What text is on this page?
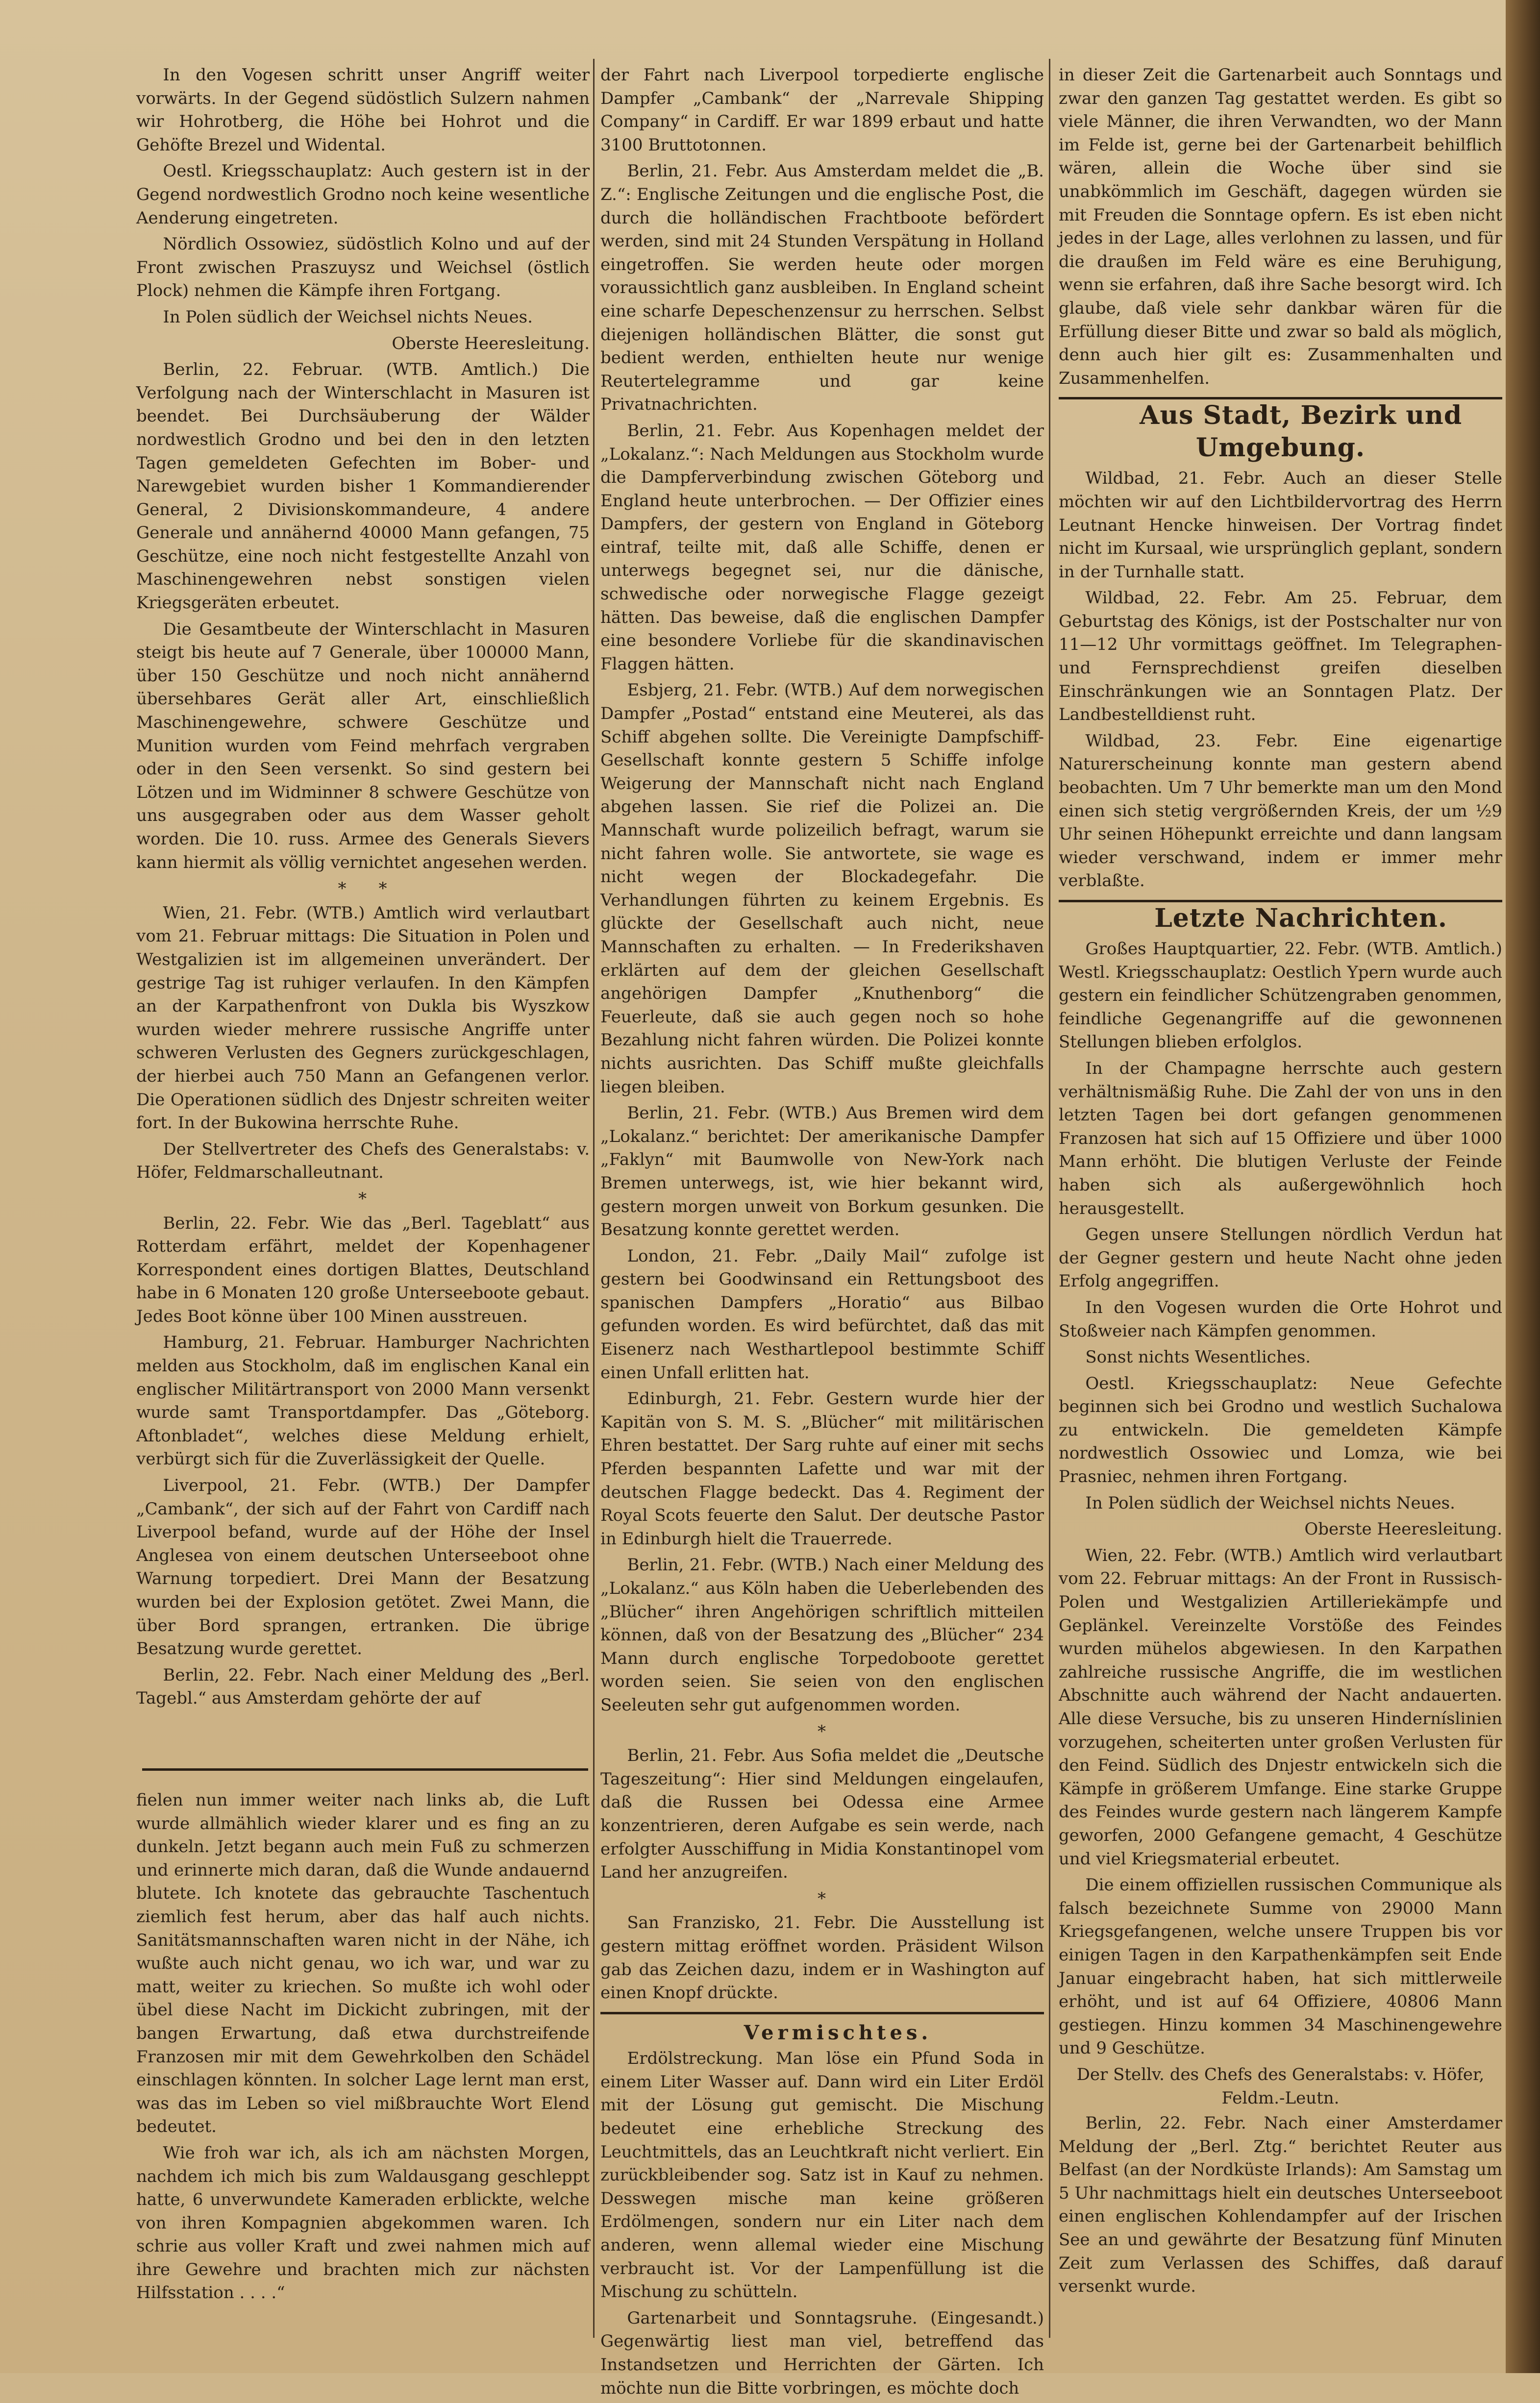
In den Vogesen schritt unser Angriff weiter vorwärts. In der Gegend südöstlich Sulzern nahmen wir Hohrotberg, die Höhe bei Hohrot und die Gehöfte Brezel und Widental.

Oestl. Kriegsschauplatz: Auch gestern ist in der Gegend nordwestlich Grodno noch keine wesentliche Aenderung eingetreten.

Nördlich Ossowiez, südöstlich Kolno und auf der Front zwischen Praszuysz und Weichsel (östlich Plock) nehmen die Kämpfe ihren Fortgang.

In Polen südlich der Weichsel nichts Neues.

Oberste Heeresleitung.

Berlin, 22. Februar. (WTB. Amtlich.) Die Verfolgung nach der Winterschlacht in Masuren ist beendet. Bei Durchsäuberung der Wälder nordwestlich Grodno und bei den in den letzten Tagen gemeldeten Gefechten im Bober- und Narewgebiet wurden bisher 1 Kommandierender General, 2 Divisionskommandeure, 4 andere Generale und annähernd 40000 Mann gefangen, 75 Geschütze, eine noch nicht festgestellte Anzahl von Maschinengewehren nebst sonstigen vielen Kriegsgeräten erbeutet.

Die Gesamtbeute der Winterschlacht in Masuren steigt bis heute auf 7 Generale, über 100000 Mann, über 150 Geschütze und noch nicht annähernd übersehbares Gerät aller Art, einschließlich Maschinengewehre, schwere Geschütze und Munition wurden vom Feind mehrfach vergraben oder in den Seen versenkt. So sind gestern bei Lötzen und im Widminner 8 schwere Geschütze von uns ausgegraben oder aus dem Wasser geholt worden. Die 10. russ. Armee des Generals Sievers kann hiermit als völlig vernichtet angesehen werden.

*     *

Wien, 21. Febr. (WTB.) Amtlich wird verlautbart vom 21. Februar mittags: Die Situation in Polen und Westgalizien ist im allgemeinen unverändert. Der gestrige Tag ist ruhiger verlaufen. In den Kämpfen an der Karpathenfront von Dukla bis Wyszkow wurden wieder mehrere russische Angriffe unter schweren Verlusten des Gegners zurückgeschlagen, der hierbei auch 750 Mann an Gefangenen verlor. Die Operationen südlich des Dnjestr schreiten weiter fort. In der Bukowina herrschte Ruhe.

Der Stellvertreter des Chefs des Generalstabs: v. Höfer, Feldmarschalleutnant.

*

Berlin, 22. Febr. Wie das „Berl. Tageblatt“ aus Rotterdam erfährt, meldet der Kopenhagener Korrespondent eines dortigen Blattes, Deutschland habe in 6 Monaten 120 große Unterseeboote gebaut. Jedes Boot könne über 100 Minen ausstreuen.

Hamburg, 21. Februar. Hamburger Nachrichten melden aus Stockholm, daß im englischen Kanal ein englischer Militärtransport von 2000 Mann versenkt wurde samt Transportdampfer. Das „Göteborg. Aftonbladet“, welches diese Meldung erhielt, verbürgt sich für die Zuverlässigkeit der Quelle.

Liverpool, 21. Febr. (WTB.) Der Dampfer „Cambank“, der sich auf der Fahrt von Cardiff nach Liverpool befand, wurde auf der Höhe der Insel Anglesea von einem deutschen Unterseeboot ohne Warnung torpediert. Drei Mann der Besatzung wurden bei der Explosion getötet. Zwei Mann, die über Bord sprangen, ertranken. Die übrige Besatzung wurde gerettet.

Berlin, 22. Febr. Nach einer Meldung des „Berl. Tagebl.“ aus Amsterdam gehörte der auf

fielen nun immer weiter nach links ab, die Luft wurde allmählich wieder klarer und es fing an zu dunkeln. Jetzt begann auch mein Fuß zu schmerzen und erinnerte mich daran, daß die Wunde andauernd blutete. Ich knotete das gebrauchte Taschentuch ziemlich fest herum, aber das half auch nichts. Sanitätsmannschaften waren nicht in der Nähe, ich wußte auch nicht genau, wo ich war, und war zu matt, weiter zu kriechen. So mußte ich wohl oder übel diese Nacht im Dickicht zubringen, mit der bangen Erwartung, daß etwa durchstreifende Franzosen mir mit dem Gewehrkolben den Schädel einschlagen könnten. In solcher Lage lernt man erst, was das im Leben so viel mißbrauchte Wort Elend bedeutet.

Wie froh war ich, als ich am nächsten Morgen, nachdem ich mich bis zum Waldausgang geschleppt hatte, 6 unverwundete Kameraden erblickte, welche von ihren Kompagnien abgekommen waren. Ich schrie aus voller Kraft und zwei nahmen mich auf ihre Gewehre und brachten mich zur nächsten Hilfsstation . . . .“

der Fahrt nach Liverpool torpedierte englische Dampfer „Cambank“ der „Narrevale Shipping Company“ in Cardiff. Er war 1899 erbaut und hatte 3100 Bruttotonnen.

Berlin, 21. Febr. Aus Amsterdam meldet die „B. Z.“: Englische Zeitungen und die englische Post, die durch die holländischen Frachtboote befördert werden, sind mit 24 Stunden Verspätung in Holland eingetroffen. Sie werden heute oder morgen voraussichtlich ganz ausbleiben. In England scheint eine scharfe Depeschenzensur zu herrschen. Selbst diejenigen holländischen Blätter, die sonst gut bedient werden, enthielten heute nur wenige Reutertelegramme und gar keine Privatnachrichten.

Berlin, 21. Febr. Aus Kopenhagen meldet der „Lokalanz.“: Nach Meldungen aus Stockholm wurde die Dampferverbindung zwischen Göteborg und England heute unterbrochen. — Der Offizier eines Dampfers, der gestern von England in Göteborg eintraf, teilte mit, daß alle Schiffe, denen er unterwegs begegnet sei, nur die dänische, schwedische oder norwegische Flagge gezeigt hätten. Das beweise, daß die englischen Dampfer eine besondere Vorliebe für die skandinavischen Flaggen hätten.

Esbjerg, 21. Febr. (WTB.) Auf dem norwegischen Dampfer „Postad“ entstand eine Meuterei, als das Schiff abgehen sollte. Die Vereinigte Dampfschiff-Gesellschaft konnte gestern 5 Schiffe infolge Weigerung der Mannschaft nicht nach England abgehen lassen. Sie rief die Polizei an. Die Mannschaft wurde polizeilich befragt, warum sie nicht fahren wolle. Sie antwortete, sie wage es nicht wegen der Blockadegefahr. Die Verhandlungen führten zu keinem Ergebnis. Es glückte der Gesellschaft auch nicht, neue Mannschaften zu erhalten. — In Frederikshaven erklärten auf dem der gleichen Gesellschaft angehörigen Dampfer „Knuthenborg“ die Feuerleute, daß sie auch gegen noch so hohe Bezahlung nicht fahren würden. Die Polizei konnte nichts ausrichten. Das Schiff mußte gleichfalls liegen bleiben.

Berlin, 21. Febr. (WTB.) Aus Bremen wird dem „Lokalanz.“ berichtet: Der amerikanische Dampfer „Faklyn“ mit Baumwolle von New-York nach Bremen unterwegs, ist, wie hier bekannt wird, gestern morgen unweit von Borkum gesunken. Die Besatzung konnte gerettet werden.

London, 21. Febr. „Daily Mail“ zufolge ist gestern bei Goodwinsand ein Rettungsboot des spanischen Dampfers „Horatio“ aus Bilbao gefunden worden. Es wird befürchtet, daß das mit Eisenerz nach Westhartlepool bestimmte Schiff einen Unfall erlitten hat.

Edinburgh, 21. Febr. Gestern wurde hier der Kapitän von S. M. S. „Blücher“ mit militärischen Ehren bestattet. Der Sarg ruhte auf einer mit sechs Pferden bespannten Lafette und war mit der deutschen Flagge bedeckt. Das 4. Regiment der Royal Scots feuerte den Salut. Der deutsche Pastor in Edinburgh hielt die Trauerrede.

Berlin, 21. Febr. (WTB.) Nach einer Meldung des „Lokalanz.“ aus Köln haben die Ueberlebenden des „Blücher“ ihren Angehörigen schriftlich mitteilen können, daß von der Besatzung des „Blücher“ 234 Mann durch englische Torpedoboote gerettet worden seien. Sie seien von den englischen Seeleuten sehr gut aufgenommen worden.

*

Berlin, 21. Febr. Aus Sofia meldet die „Deutsche Tageszeitung“: Hier sind Meldungen eingelaufen, daß die Russen bei Odessa eine Armee konzentrieren, deren Aufgabe es sein werde, nach erfolgter Ausschiffung in Midia Konstantinopel vom Land her anzugreifen.

*

San Franzisko, 21. Febr. Die Ausstellung ist gestern mittag eröffnet worden. Präsident Wilson gab das Zeichen dazu, indem er in Washington auf einen Knopf drückte.

Vermischtes.

Erdölstreckung. Man löse ein Pfund Soda in einem Liter Wasser auf. Dann wird ein Liter Erdöl mit der Lösung gut gemischt. Die Mischung bedeutet eine erhebliche Streckung des Leuchtmittels, das an Leuchtkraft nicht verliert. Ein zurückbleibender sog. Satz ist in Kauf zu nehmen. Desswegen mische man keine größeren Erdölmengen, sondern nur ein Liter nach dem anderen, wenn allemal wieder eine Mischung verbraucht ist. Vor der Lampenfüllung ist die Mischung zu schütteln.

Gartenarbeit und Sonntagsruhe. (Eingesandt.) Gegenwärtig liest man viel, betreffend das Instandsetzen und Herrichten der Gärten. Ich möchte nun die Bitte vorbringen, es möchte doch

in dieser Zeit die Gartenarbeit auch Sonntags und zwar den ganzen Tag gestattet werden. Es gibt so viele Männer, die ihren Verwandten, wo der Mann im Felde ist, gerne bei der Gartenarbeit behilflich wären, allein die Woche über sind sie unabkömmlich im Geschäft, dagegen würden sie mit Freuden die Sonntage opfern. Es ist eben nicht jedes in der Lage, alles verlohnen zu lassen, und für die draußen im Feld wäre es eine Beruhigung, wenn sie erfahren, daß ihre Sache besorgt wird. Ich glaube, daß viele sehr dankbar wären für die Erfüllung dieser Bitte und zwar so bald als möglich, denn auch hier gilt es: Zusammenhalten und Zusammenhelfen.

Aus Stadt, Bezirk und Umgebung.

Wildbad, 21. Febr. Auch an dieser Stelle möchten wir auf den Lichtbildervortrag des Herrn Leutnant Hencke hinweisen. Der Vortrag findet nicht im Kursaal, wie ursprünglich geplant, sondern in der Turnhalle statt.

Wildbad, 22. Febr. Am 25. Februar, dem Geburtstag des Königs, ist der Postschalter nur von 11—12 Uhr vormittags geöffnet. Im Telegraphen- und Fernsprechdienst greifen dieselben Einschränkungen wie an Sonntagen Platz. Der Landbestelldienst ruht.

Wildbad, 23. Febr. Eine eigenartige Naturerscheinung konnte man gestern abend beobachten. Um 7 Uhr bemerkte man um den Mond einen sich stetig vergrößernden Kreis, der um ½9 Uhr seinen Höhepunkt erreichte und dann langsam wieder verschwand, indem er immer mehr verblaßte.

Letzte Nachrichten.

Großes Hauptquartier, 22. Febr. (WTB. Amtlich.) Westl. Kriegsschauplatz: Oestlich Ypern wurde auch gestern ein feindlicher Schützengraben genommen, feindliche Gegenangriffe auf die gewonnenen Stellungen blieben erfolglos.

In der Champagne herrschte auch gestern verhältnismäßig Ruhe. Die Zahl der von uns in den letzten Tagen bei dort gefangen genommenen Franzosen hat sich auf 15 Offiziere und über 1000 Mann erhöht. Die blutigen Verluste der Feinde haben sich als außergewöhnlich hoch herausgestellt.

Gegen unsere Stellungen nördlich Verdun hat der Gegner gestern und heute Nacht ohne jeden Erfolg angegriffen.

In den Vogesen wurden die Orte Hohrot und Stoßweier nach Kämpfen genommen.

Sonst nichts Wesentliches.

Oestl. Kriegsschauplatz: Neue Gefechte beginnen sich bei Grodno und westlich Suchalowa zu entwickeln. Die gemeldeten Kämpfe nordwestlich Ossowiec und Lomza, wie bei Prasniec, nehmen ihren Fortgang.

In Polen südlich der Weichsel nichts Neues.

Oberste Heeresleitung.

Wien, 22. Febr. (WTB.) Amtlich wird verlautbart vom 22. Februar mittags: An der Front in Russisch-Polen und Westgalizien Artilleriekämpfe und Geplänkel. Vereinzelte Vorstöße des Feindes wurden mühelos abgewiesen. In den Karpathen zahlreiche russische Angriffe, die im westlichen Abschnitte auch während der Nacht andauerten. Alle diese Versuche, bis zu unseren Hinderníslinien vorzugehen, scheiterten unter großen Verlusten für den Feind. Südlich des Dnjestr entwickeln sich die Kämpfe in größerem Umfange. Eine starke Gruppe des Feindes wurde gestern nach längerem Kampfe geworfen, 2000 Gefangene gemacht, 4 Geschütze und viel Kriegsmaterial erbeutet.

Die einem offiziellen russischen Communique als falsch bezeichnete Summe von 29000 Mann Kriegsgefangenen, welche unsere Truppen bis vor einigen Tagen in den Karpathenkämpfen seit Ende Januar eingebracht haben, hat sich mittlerweile erhöht, und ist auf 64 Offiziere, 40806 Mann gestiegen. Hinzu kommen 34 Maschinengewehre und 9 Geschütze.

Der Stellv. des Chefs des Generalstabs: v. Höfer, Feldm.-Leutn.

Berlin, 22. Febr. Nach einer Amsterdamer Meldung der „Berl. Ztg.“ berichtet Reuter aus Belfast (an der Nordküste Irlands): Am Samstag um 5 Uhr nachmittags hielt ein deutsches Unterseeboot einen englischen Kohlendampfer auf der Irischen See an und gewährte der Besatzung fünf Minuten Zeit zum Verlassen des Schiffes, daß darauf versenkt wurde.
